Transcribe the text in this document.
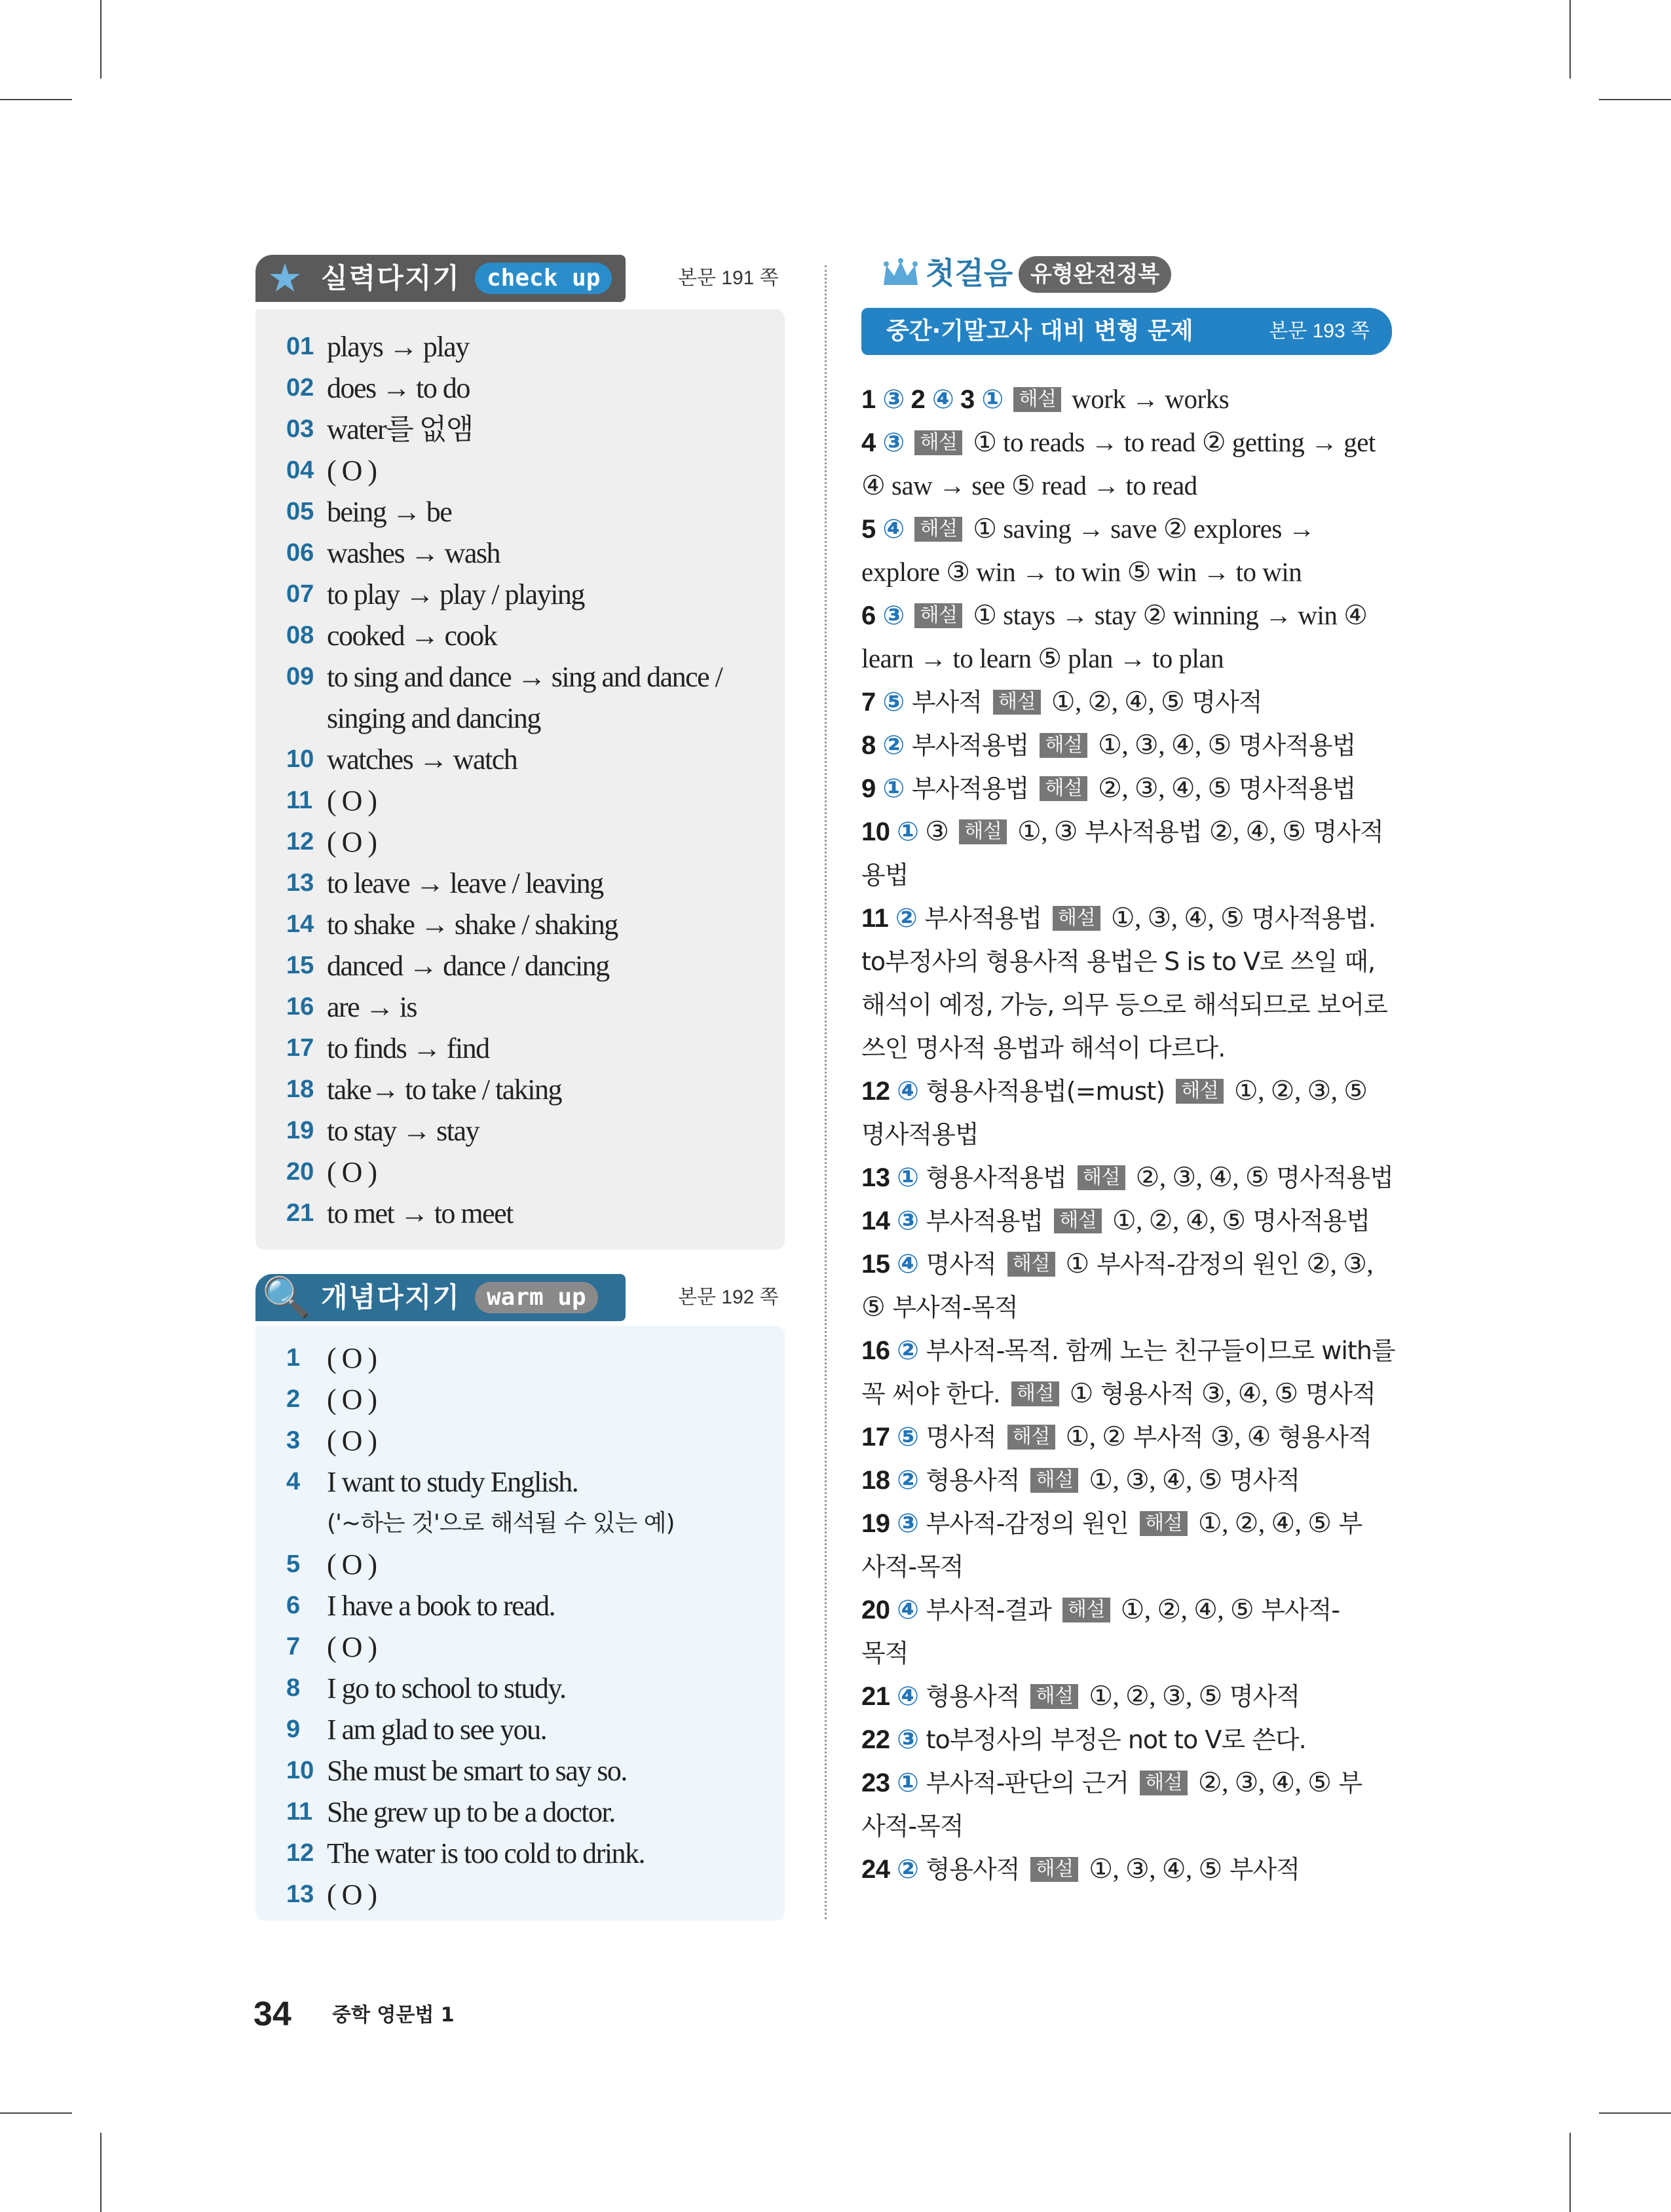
★ 실력다지기	check up	본문 191 쪽
01 plays → play
02 does → to do
03 water를 없앰
04 ( O )
05 being → be
06 washes → wash
07 to play → play / playing
08 cooked → cook
09 to sing and dance → sing and dance / singing and dancing
10 watches → watch
11 ( O )
12 ( O )
13 to leave → leave / leaving
14 to shake → shake / shaking
15 danced → dance / dancing
16 are → is
17 to finds → find
18 take→ to take / taking
19 to stay → stay
20 ( O )
21 to met → to meet
🔍 개념다지기	warm up	본문 192 쪽
1 ( O )
2 ( O )
3 ( O )
4 I want to study English.
('~하는 것'으로 해석될 수 있는 예)
5 ( O )
6 I have a book to read.
7 ( O )
8 I go to school to study.
9 I am glad to see you.
10 She must be smart to say so.
11 She grew up to be a doctor.
12 The water is too cold to drink.
13 ( O )
첫걸음 유형완전정복
중간·기말고사 대비 변형 문제	본문 193 쪽
1 ③ 2 ④ 3 ① 해설 work → works
4 ③ 해설 ① to reads → to read ② getting → get
④ saw → see ⑤ read → to read
5 ④ 해설 ① saving → save ② explores →
explore ③ win → to win ⑤ win → to win
6 ③ 해설 ① stays → stay ② winning → win ④
learn → to learn ⑤ plan → to plan
7 ⑤ 부사적 해설 ①, ②, ④, ⑤ 명사적
8 ② 부사적용법 해설 ①, ③, ④, ⑤ 명사적용법
9 ① 부사적용법 해설 ②, ③, ④, ⑤ 명사적용법
10 ① ③ 해설 ①, ③ 부사적용법 ②, ④, ⑤ 명사적
용법
11 ② 부사적용법 해설 ①, ③, ④, ⑤ 명사적용법.
to부정사의 형용사적 용법은 S is to V로 쓰일 때,
해석이 예정, 가능, 의무 등으로 해석되므로 보어로
쓰인 명사적 용법과 해석이 다르다.
12 ④ 형용사적용법(=must) 해설 ①, ②, ③, ⑤
명사적용법
13 ① 형용사적용법 해설 ②, ③, ④, ⑤ 명사적용법
14 ③ 부사적용법 해설 ①, ②, ④, ⑤ 명사적용법
15 ④ 명사적 해설 ① 부사적-감정의 원인 ②, ③,
⑤ 부사적-목적
16 ② 부사적-목적. 함께 노는 친구들이므로 with를
꼭 써야 한다. 해설 ① 형용사적 ③, ④, ⑤ 명사적
17 ⑤ 명사적 해설 ①, ② 부사적 ③, ④ 형용사적
18 ② 형용사적 해설 ①, ③, ④, ⑤ 명사적
19 ③ 부사적-감정의 원인 해설 ①, ②, ④, ⑤ 부
사적-목적
20 ④ 부사적-결과 해설 ①, ②, ④, ⑤ 부사적-
목적
21 ④ 형용사적 해설 ①, ②, ③, ⑤ 명사적
22 ③ to부정사의 부정은 not to V로 쓴다.
23 ① 부사적-판단의 근거 해설 ②, ③, ④, ⑤ 부
사적-목적
24 ② 형용사적 해설 ①, ③, ④, ⑤ 부사적
34 중학 영문법 1
